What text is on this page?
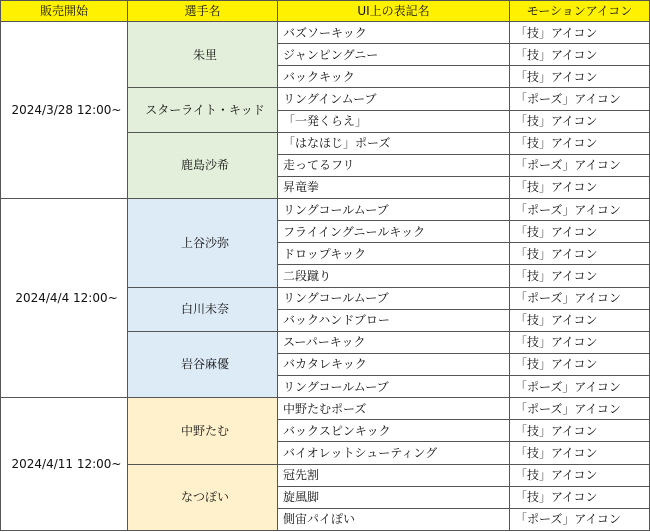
販売開始	選手名	UI上の表記名	モーションアイコン
2024/3/28 12:00~	朱里	バズソーキック	「技」アイコン
		ジャンピングニー	「技」アイコン
		バックキック	「技」アイコン
	スターライト・キッド	リングインムーブ	「ポーズ」アイコン
		「一発くらえ」	「技」アイコン
	鹿島沙希	「はなほじ」ポーズ	「技」アイコン
		走ってるフリ	「ポーズ」アイコン
		昇竜拳	「技」アイコン
2024/4/4 12:00~	上谷沙弥	リングコールムーブ	「ポーズ」アイコン
		フライイングニールキック	「技」アイコン
		ドロップキック	「技」アイコン
		二段蹴り	「技」アイコン
	白川未奈	リングコールムーブ	「ポーズ」アイコン
		バックハンドブロー	「技」アイコン
	岩谷麻優	スーパーキック	「技」アイコン
		バカタレキック	「技」アイコン
		リングコールムーブ	「ポーズ」アイコン
2024/4/11 12:00~	中野たむ	中野たむポーズ	「ポーズ」アイコン
		バックスピンキック	「技」アイコン
		バイオレットシューティング	「技」アイコン
	なつぽい	冠先割	「技」アイコン
		旋風脚	「技」アイコン
		側宙パイぽい	「ポーズ」アイコン
